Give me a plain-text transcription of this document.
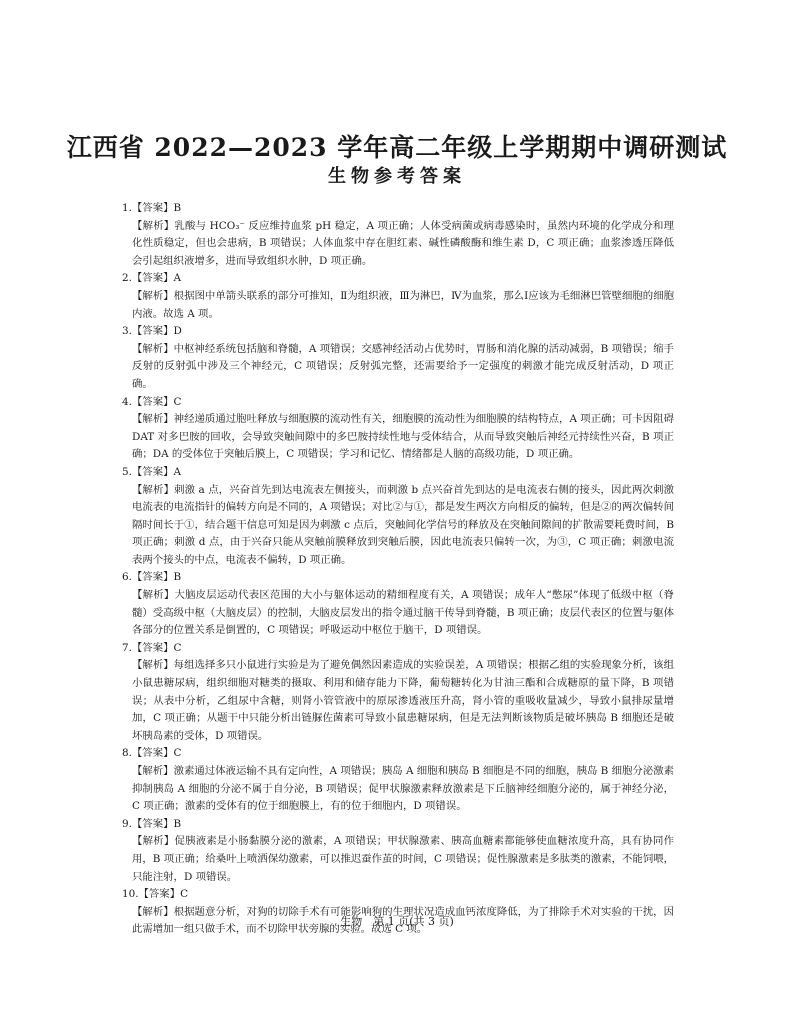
江西省 2022—2023 学年高二年级上学期期中调研测试
生物参考答案

1.【答案】B

【解析】乳酸与 HCO₃⁻ 反应维持血浆 pH 稳定，A 项正确；人体受病菌或病毒感染时，虽然内环境的化学成分和理化性质稳定，但也会患病，B 项错误；人体血浆中存在胆红素、碱性磷酸酶和维生素 D，C 项正确；血浆渗透压降低会引起组织液增多，进而导致组织水肿，D 项正确。

2.【答案】A

【解析】根据图中单箭头联系的部分可推知，Ⅱ为组织液，Ⅲ为淋巴，Ⅳ为血浆，那么Ⅰ应该为毛细淋巴管壁细胞的细胞内液。故选 A 项。

3.【答案】D

【解析】中枢神经系统包括脑和脊髓，A 项错误；交感神经活动占优势时，胃肠和消化腺的活动减弱，B 项错误；缩手反射的反射弧中涉及三个神经元，C 项错误；反射弧完整，还需要给予一定强度的刺激才能完成反射活动，D 项正确。

4.【答案】C

【解析】神经递质通过胞吐释放与细胞膜的流动性有关，细胞膜的流动性为细胞膜的结构特点，A 项正确；可卡因阻碍 DAT 对多巴胺的回收，会导致突触间隙中的多巴胺持续性地与受体结合，从而导致突触后神经元持续性兴奋，B 项正确；DA 的受体位于突触后膜上，C 项错误；学习和记忆、情绪都是人脑的高级功能，D 项正确。

5.【答案】A

【解析】刺激 a 点，兴奋首先到达电流表左侧接头，而刺激 b 点兴奋首先到达的是电流表右侧的接头，因此两次刺激电流表的电流指针的偏转方向是不同的，A 项错误；对比②与①，都是发生两次方向相反的偏转，但是②的两次偏转间隔时间长于①，结合题干信息可知是因为刺激 c 点后，突触间化学信号的释放及在突触间隙间的扩散需要耗费时间，B 项正确；刺激 d 点，由于兴奋只能从突触前膜释放到突触后膜，因此电流表只偏转一次，为③，C 项正确；刺激电流表两个接头的中点，电流表不偏转，D 项正确。

6.【答案】B

【解析】大脑皮层运动代表区范围的大小与躯体运动的精细程度有关，A 项错误；成年人“憋尿”体现了低级中枢（脊髓）受高级中枢（大脑皮层）的控制，大脑皮层发出的指令通过脑干传导到脊髓，B 项正确；皮层代表区的位置与躯体各部分的位置关系是倒置的，C 项错误；呼吸运动中枢位于脑干，D 项错误。

7.【答案】C

【解析】每组选择多只小鼠进行实验是为了避免偶然因素造成的实验误差，A 项错误；根据乙组的实验现象分析，该组小鼠患糖尿病，组织细胞对糖类的摄取、利用和储存能力下降，葡萄糖转化为甘油三酯和合成糖原的量下降，B 项错误；从表中分析，乙组尿中含糖，则肾小管管液中的原尿渗透液压升高，肾小管的重吸收量减少，导致小鼠排尿量增加，C 项正确；从题干中只能分析出链脲佐菌素可导致小鼠患糖尿病，但是无法判断该物质是破坏胰岛 B 细胞还是破坏胰岛素的受体，D 项错误。

8.【答案】C

【解析】激素通过体液运输不具有定向性，A 项错误；胰岛 A 细胞和胰岛 B 细胞是不同的细胞，胰岛 B 细胞分泌激素抑制胰岛 A 细胞的分泌不属于自分泌，B 项错误；促甲状腺激素释放激素是下丘脑神经细胞分泌的，属于神经分泌，C 项正确；激素的受体有的位于细胞膜上，有的位于细胞内，D 项错误。

9.【答案】B

【解析】促胰液素是小肠黏膜分泌的激素，A 项错误；甲状腺激素、胰高血糖素都能够使血糖浓度升高，具有协同作用，B 项正确；给桑叶上喷洒保幼激素，可以推迟蚕作茧的时间，C 项错误；促性腺激素是多肽类的激素，不能饲喂，只能注射，D 项错误。

10.【答案】C

【解析】根据题意分析，对狗的切除手术有可能影响狗的生理状况造成血钙浓度降低，为了排除手术对实验的干扰，因此需增加一组只做手术，而不切除甲状旁腺的实验。故选 C 项。

生物　第 1 页(共 3 页)
